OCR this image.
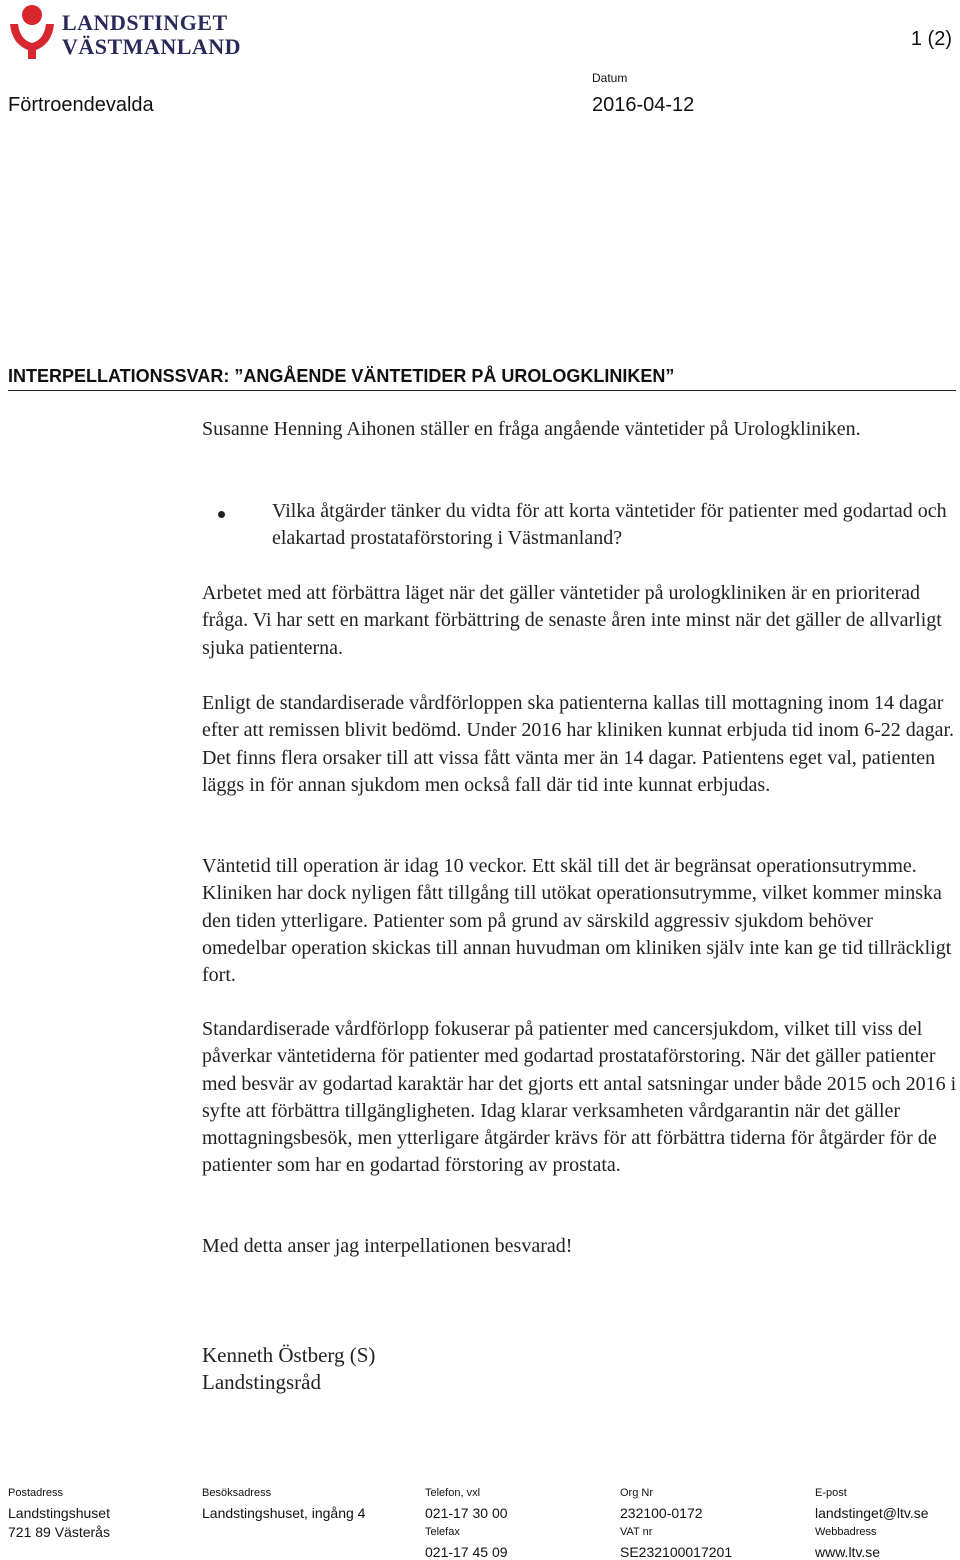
LANDSTINGET
VÄSTMANLAND	1 (2)
Förtroendevalda
Datum
2016-04-12
INTERPELLATIONSSVAR: ”ANGÅENDE VÄNTETIDER PÅ UROLOGKLINIKEN”

Susanne Henning Aihonen ställer en fråga angående väntetider på Urologkliniken.

Vilka åtgärder tänker du vidta för att korta väntetider för patienter med godartad och elakartad prostataförstoring i Västmanland?

Arbetet med att förbättra läget när det gäller väntetider på urologkliniken är en prioriterad fråga. Vi har sett en markant förbättring de senaste åren inte minst när det gäller de allvarligt sjuka patienterna.

Enligt de standardiserade vårdförloppen ska patienterna kallas till mottagning inom 14 dagar efter att remissen blivit bedömd. Under 2016 har kliniken kunnat erbjuda tid inom 6-22 dagar. Det finns flera orsaker till att vissa fått vänta mer än 14 dagar. Patientens eget val, patienten läggs in för annan sjukdom men också fall där tid inte kunnat erbjudas.

Väntetid till operation är idag 10 veckor. Ett skäl till det är begränsat operationsutrymme. Kliniken har dock nyligen fått tillgång till utökat operationsutrymme, vilket kommer minska den tiden ytterligare. Patienter som på grund av särskild aggressiv sjukdom behöver omedelbar operation skickas till annan huvudman om kliniken själv inte kan ge tid tillräckligt fort.

Standardiserade vårdförlopp fokuserar på patienter med cancersjukdom, vilket till viss del påverkar väntetiderna för patienter med godartad prostataförstoring. När det gäller patienter med besvär av godartad karaktär har det gjorts ett antal satsningar under både 2015 och 2016 i syfte att förbättra tillgängligheten. Idag klarar verksamheten vårdgarantin när det gäller mottagningsbesök, men ytterligare åtgärder krävs för att förbättra tiderna för åtgärder för de patienter som har en godartad förstoring av prostata.

Med detta anser jag interpellationen besvarad!

Kenneth Östberg (S)
Landstingsråd
Postadress
Landstingshuset
721 89 Västerås
Besöksadress
Landstingshuset, ingång 4
Telefon, vxl
021-17 30 00
Telefax
021-17 45 09
Org Nr
232100-0172
VAT nr
SE232100017201
E-post
landstinget@ltv.se
Webbadress
www.ltv.se
